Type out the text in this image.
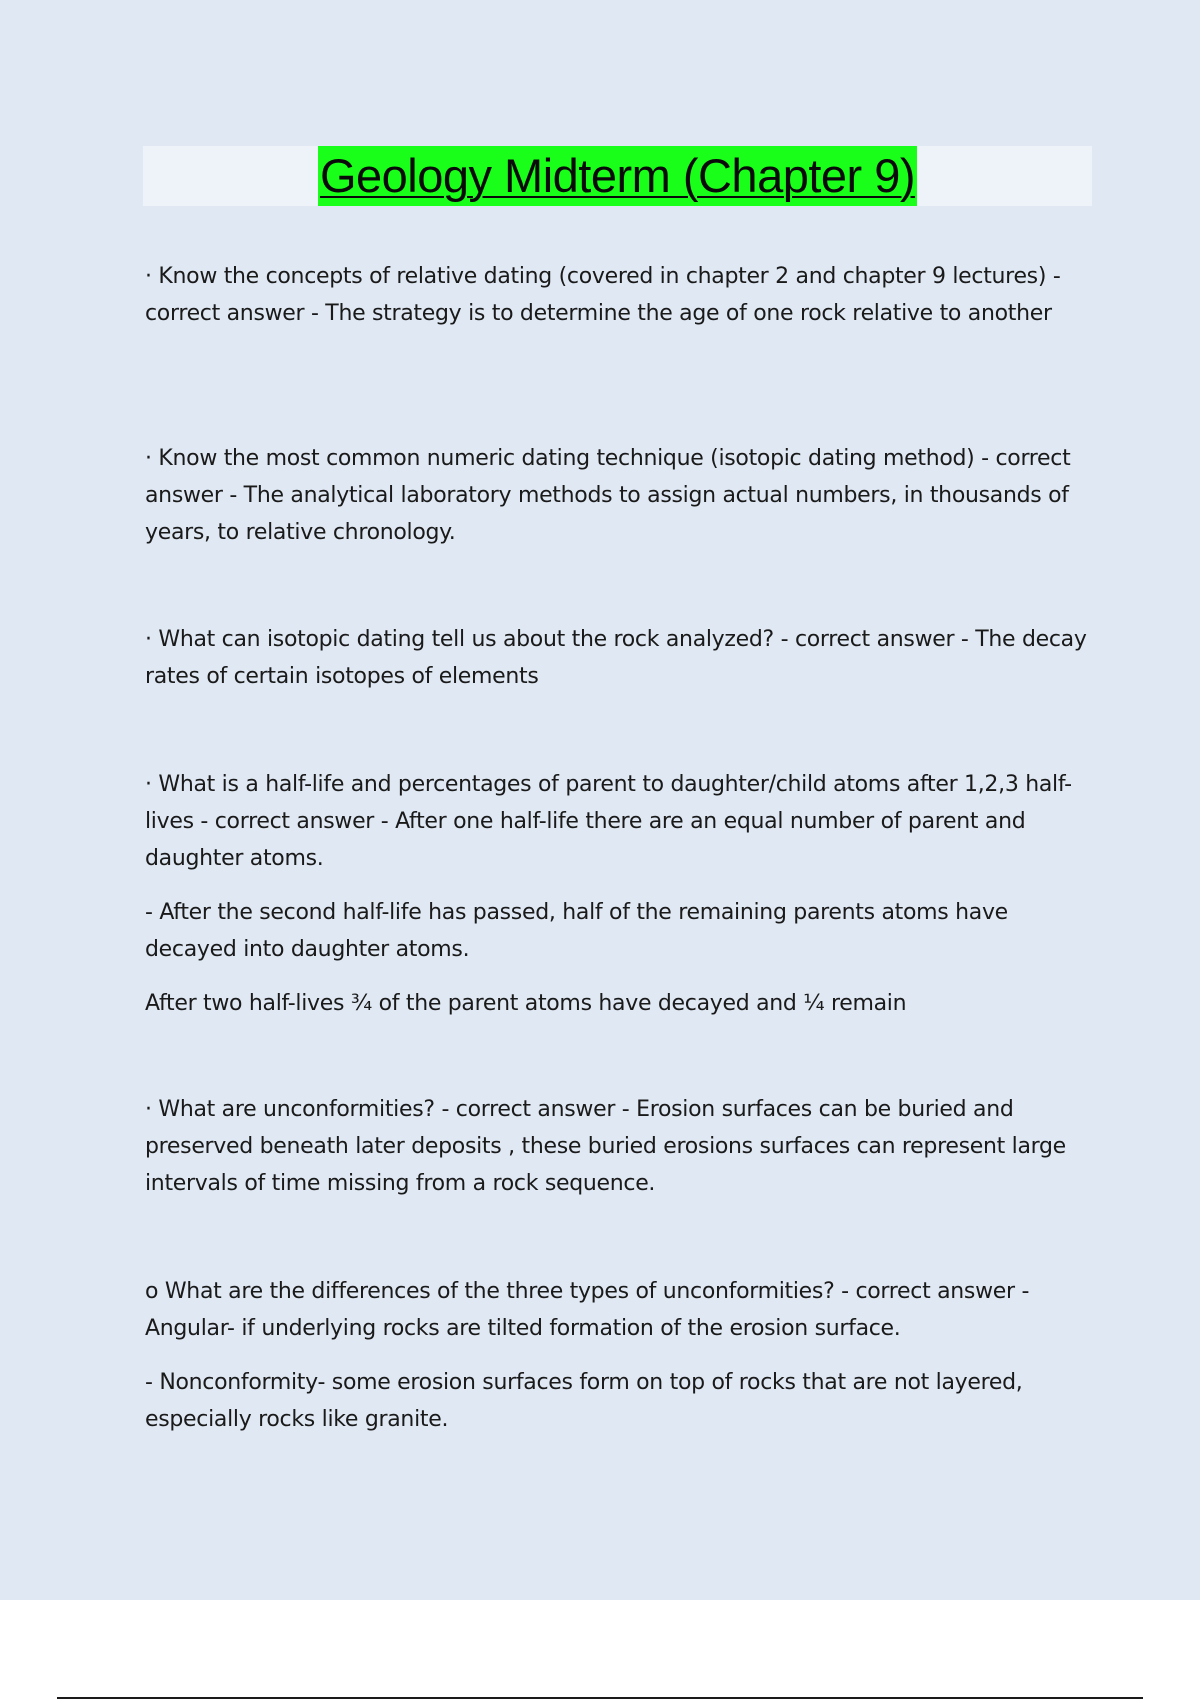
Geology Midterm (Chapter 9)

· Know the concepts of relative dating (covered in chapter 2 and chapter 9 lectures) - correct answer - The strategy is to determine the age of one rock relative to another

· Know the most common numeric dating technique (isotopic dating method) - correct answer - The analytical laboratory methods to assign actual numbers, in thousands of years, to relative chronology.

· What can isotopic dating tell us about the rock analyzed? - correct answer - The decay rates of certain isotopes of elements

· What is a half-life and percentages of parent to daughter/child atoms after 1,2,3 half-lives - correct answer - After one half-life there are an equal number of parent and daughter atoms.

- After the second half-life has passed, half of the remaining parents atoms have decayed into daughter atoms.

After two half-lives ¾ of the parent atoms have decayed and ¼ remain

· What are unconformities? - correct answer - Erosion surfaces can be buried and preserved beneath later deposits , these buried erosions surfaces can represent large intervals of time missing from a rock sequence.

o What are the differences of the three types of unconformities? - correct answer - Angular- if underlying rocks are tilted formation of the erosion surface.

- Nonconformity- some erosion surfaces form on top of rocks that are not layered, especially rocks like granite.
